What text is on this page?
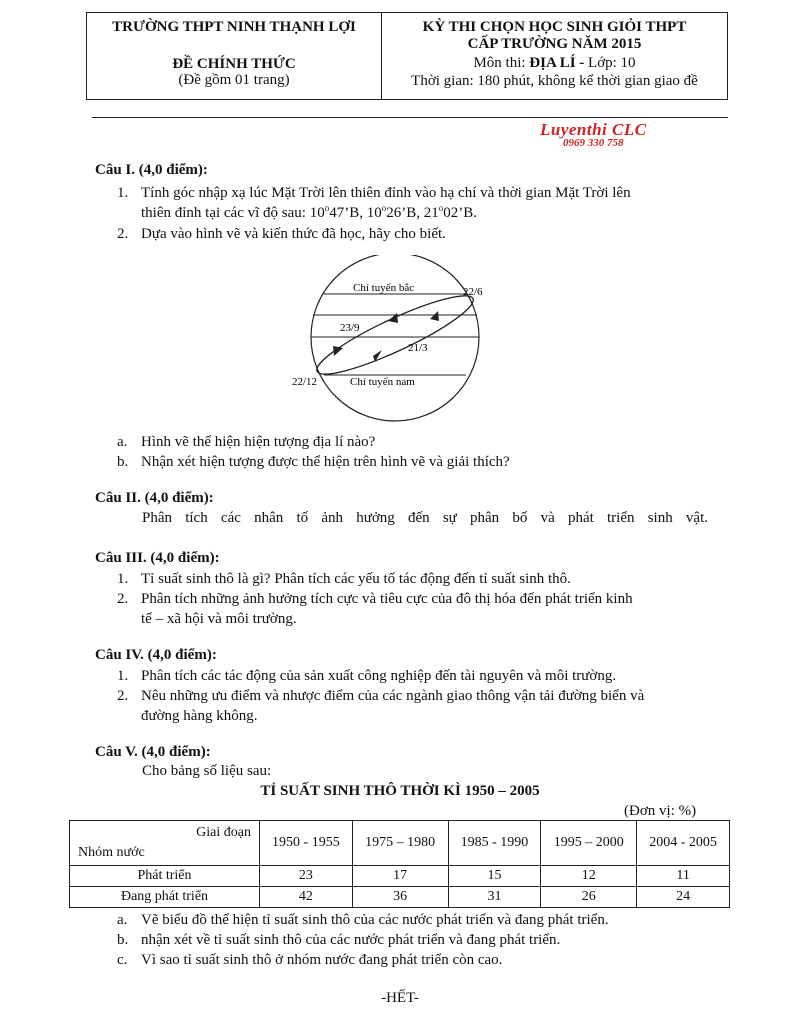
TRƯỜNG THPT NINH THẠNH LỢI
ĐỀ CHÍNH THỨC
(Đề gồm 01 trang)
KỲ THI CHỌN HỌC SINH GIỎI THPT
CẤP TRƯỜNG NĂM 2015
Môn thi: ĐỊA LÍ - Lớp: 10
Thời gian: 180 phút, không kể thời gian giao đề
Luyenthi CLC
0969 330 758
Câu I. (4,0 điểm):
1. Tính góc nhập xạ lúc Mặt Trời lên thiên đỉnh vào hạ chí và thời gian Mặt Trời lên
thiên đỉnh tại các vĩ độ sau: 10$^o$47’B, 10$^o$26’B, 21$^o$02’B.
2. Dựa vào hình vẽ và kiến thức đã học, hãy cho biết.
Chí tuyến bắc	22/6
23/9
21/3
22/12	Chí tuyến nam
a. Hình vẽ thể hiện hiện tượng địa lí nào?
b. Nhận xét hiện tượng được thể hiện trên hình vẽ và giải thích?
Câu II. (4,0 điểm):
Phân tích các nhân tố ảnh hưởng đến sự phân bố và phát triển sinh vật.
Câu III. (4,0 điểm):
1. Tỉ suất sinh thô là gì? Phân tích các yếu tố tác động đến tỉ suất sinh thô.
2. Phân tích những ảnh hưởng tích cực và tiêu cực của đô thị hóa đến phát triển kinh
tế – xã hội và môi trường.
Câu IV. (4,0 điểm):
1. Phân tích các tác động của sản xuất công nghiệp đến tài nguyên và môi trường.
2. Nêu những ưu điểm và nhược điểm của các ngành giao thông vận tải đường biển và
đường hàng không.
Câu V. (4,0 điểm):
Cho bảng số liệu sau:
TỈ SUẤT SINH THÔ THỜI KÌ 1950 – 2005
(Đơn vị: %)
Giai đoạn
Nhóm nước	1950 - 1955	1975 – 1980	1985 - 1990	1995 – 2000	2004 - 2005
Phát triển	23	17	15	12	11
Đang phát triển	42	36	31	26	24
a. Vẽ biểu đồ thể hiện tỉ suất sinh thô của các nước phát triển và đang phát triển.
b. nhận xét về tỉ suất sinh thô của các nước phát triển và đang phát triển.
c. Vì sao tỉ suất sinh thô ở nhóm nước đang phát triển còn cao.
-HẾT-
